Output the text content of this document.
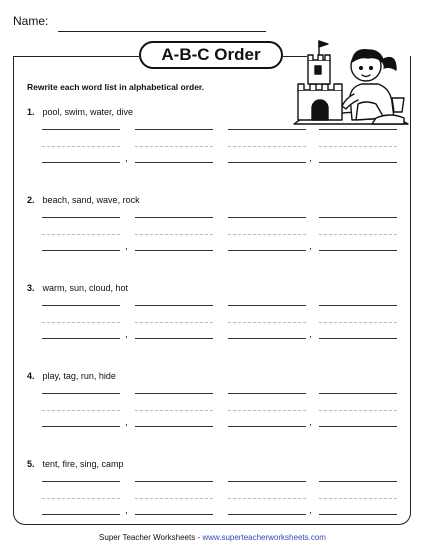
Name:
A-B-C Order
Rewrite each word list in alphabetical order.
1. pool, swim, water, dive
,	,
2. beach, sand, wave, rock
,	,
3. warm, sun, cloud, hot
,	,
4. play, tag, run, hide
,	,
5. tent, fire, sing, camp
,	,
Super Teacher Worksheets - www.superteacherworksheets.com
